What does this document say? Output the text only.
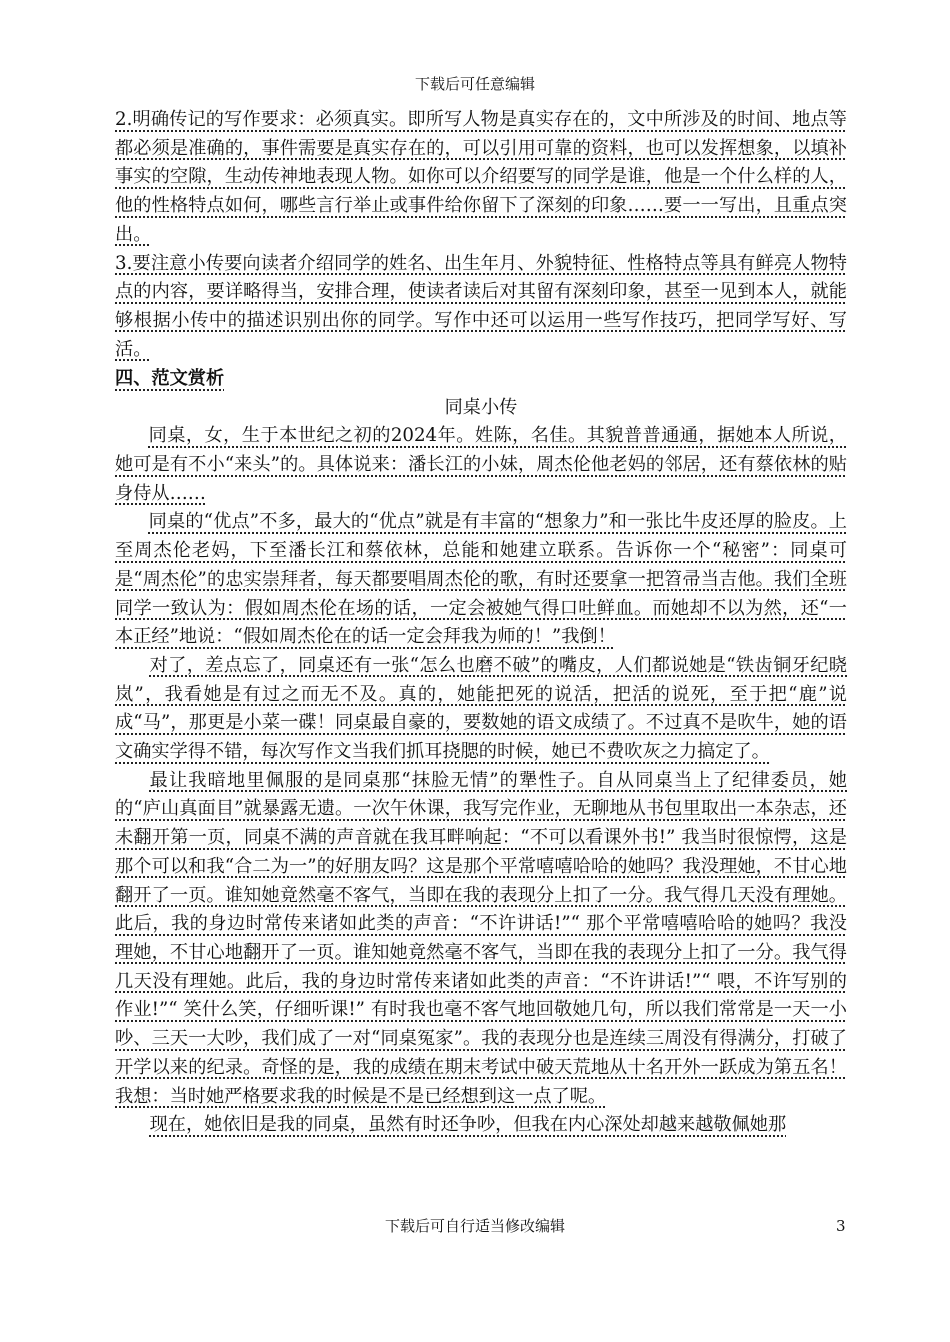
下载后可任意编辑

2.明确传记的写作要求：必须真实。即所写人物是真实存在的，文中所涉及的时间、地点等都必须是准确的，事件需要是真实存在的，可以引用可靠的资料，也可以发挥想象，以填补事实的空隙，生动传神地表现人物。如你可以介绍要写的同学是谁，他是一个什么样的人，他的性格特点如何，哪些言行举止或事件给你留下了深刻的印象……要一一写出，且重点突出。

3.要注意小传要向读者介绍同学的姓名、出生年月、外貌特征、性格特点等具有鲜亮人物特点的内容，要详略得当，安排合理，使读者读后对其留有深刻印象，甚至一见到本人，就能够根据小传中的描述识别出你的同学。写作中还可以运用一些写作技巧，把同学写好、写活。

四、范文赏析

同桌小传

同桌，女，生于本世纪之初的2024年。姓陈，名佳。其貌普普通通，据她本人所说，她可是有不小“来头”的。具体说来：潘长江的小妹，周杰伦他老妈的邻居，还有蔡依林的贴身侍从……

同桌的“优点”不多，最大的“优点”就是有丰富的“想象力”和一张比牛皮还厚的脸皮。上至周杰伦老妈，下至潘长江和蔡依林，总能和她建立联系。告诉你一个“秘密”：同桌可是“周杰伦”的忠实崇拜者，每天都要唱周杰伦的歌，有时还要拿一把笤帚当吉他。我们全班同学一致认为：假如周杰伦在场的话，一定会被她气得口吐鲜血。而她却不以为然，还“一本正经”地说：“假如周杰伦在的话一定会拜我为师的！”我倒！

对了，差点忘了，同桌还有一张“怎么也磨不破”的嘴皮，人们都说她是“铁齿铜牙纪晓岚”，我看她是有过之而无不及。真的，她能把死的说活，把活的说死，至于把“鹿”说成“马”，那更是小菜一碟！同桌最自豪的，要数她的语文成绩了。不过真不是吹牛，她的语文确实学得不错，每次写作文当我们抓耳挠腮的时候，她已不费吹灰之力搞定了。

最让我暗地里佩服的是同桌那“抹脸无情”的犟性子。自从同桌当上了纪律委员，她的“庐山真面目”就暴露无遗。一次午休课，我写完作业，无聊地从书包里取出一本杂志，还未翻开第一页，同桌不满的声音就在我耳畔响起：“不可以看课外书!” 我当时很惊愕，这是那个可以和我“合二为一”的好朋友吗？这是那个平常嘻嘻哈哈的她吗？我没理她，不甘心地翻开了一页。谁知她竟然毫不客气，当即在我的表现分上扣了一分。我气得几天没有理她。此后，我的身边时常传来诸如此类的声音：“不许讲话!”“ 那个平常嘻嘻哈哈的她吗？我没理她，不甘心地翻开了一页。谁知她竟然毫不客气，当即在我的表现分上扣了一分。我气得几天没有理她。此后，我的身边时常传来诸如此类的声音：“不许讲话!”“ 喂，不许写别的作业!”“ 笑什么笑，仔细听课!” 有时我也毫不客气地回敬她几句，所以我们常常是一天一小吵、三天一大吵，我们成了一对“同桌冤家”。我的表现分也是连续三周没有得满分，打破了开学以来的纪录。奇怪的是，我的成绩在期末考试中破天荒地从十名开外一跃成为第五名！我想：当时她严格要求我的时候是不是已经想到这一点了呢。

现在，她依旧是我的同桌，虽然有时还争吵，但我在内心深处却越来越敬佩她那

下载后可自行适当修改编辑	3
